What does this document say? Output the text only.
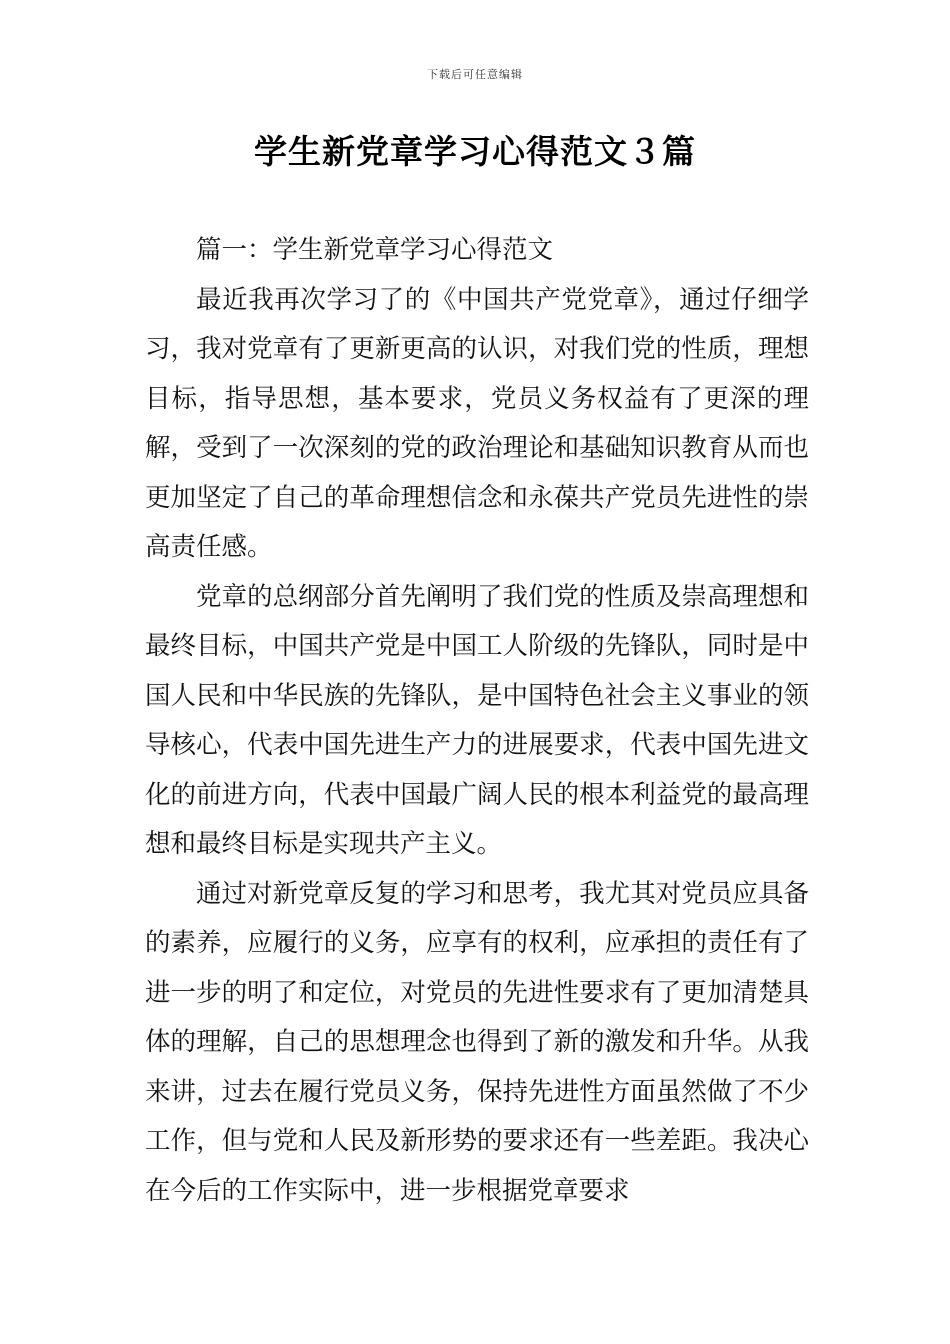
下载后可任意编辑
学生新党章学习心得范文３篇

篇一：学生新党章学习心得范文

最近我再次学习了的《中国共产党党章》，通过仔细学习，我对党章有了更新更高的认识，对我们党的性质，理想目标，指导思想，基本要求，党员义务权益有了更深的理解，受到了一次深刻的党的政治理论和基础知识教育从而也更加坚定了自己的革命理想信念和永葆共产党员先进性的崇高责任感。

党章的总纲部分首先阐明了我们党的性质及崇高理想和最终目标，中国共产党是中国工人阶级的先锋队，同时是中国人民和中华民族的先锋队，是中国特色社会主义事业的领导核心，代表中国先进生产力的进展要求，代表中国先进文化的前进方向，代表中国最广阔人民的根本利益党的最高理想和最终目标是实现共产主义。

通过对新党章反复的学习和思考，我尤其对党员应具备的素养，应履行的义务，应享有的权利，应承担的责任有了进一步的明了和定位，对党员的先进性要求有了更加清楚具体的理解，自己的思想理念也得到了新的激发和升华。从我来讲，过去在履行党员义务，保持先进性方面虽然做了不少工作，但与党和人民及新形势的要求还有一些差距。我决心在今后的工作实际中，进一步根据党章要求
